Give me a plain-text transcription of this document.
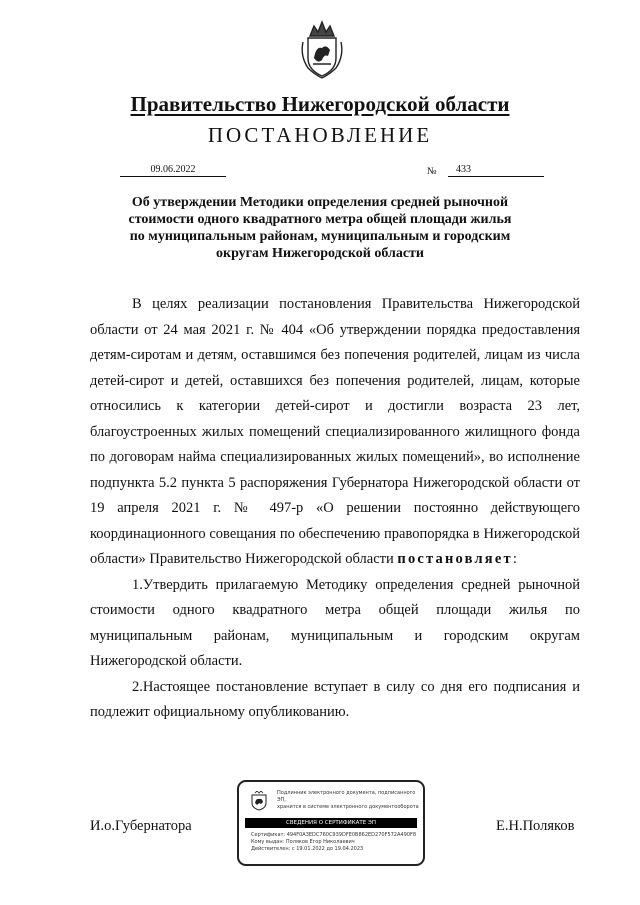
Правительство Нижегородской области
ПОСТАНОВЛЕНИЕ
09.06.2022	№	433
Об утверждении Методики определения средней рыночной
стоимости одного квадратного метра общей площади жилья
по муниципальным районам, муниципальным и городским
округам Нижегородской области

В целях реализации постановления Правительства Нижегородской области от 24 мая 2021 г. № 404 «Об утверждении порядка предоставления детям-сиротам и детям, оставшимся без попечения родителей, лицам из числа детей-сирот и детей, оставшихся без попечения родителей, лицам, которые относились к категории детей-сирот и достигли возраста 23 лет, благоустроенных жилых помещений специализированного жилищного фонда по договорам найма специализированных жилых помещений», во исполнение подпункта 5.2 пункта 5 распоряжения Губернатора Нижегородской области от 19 апреля 2021 г. № 497-р «О решении постоянно действующего координационного совещания по обеспечению правопорядка в Нижегородской области» Правительство Нижегородской области постановляет:

1.Утвердить прилагаемую Методику определения средней рыночной стоимости одного квадратного метра общей площади жилья по муниципальным районам, муниципальным и городским округам Нижегородской области.

2.Настоящее постановление вступает в силу со дня его подписания и подлежит официальному опубликованию.

Подлинник электронного документа, подписанного ЭП,
хранится в системе электронного документооборота
СВЕДЕНИЯ О СЕРТИФИКАТЕ ЭП
Сертификат: 494F0A3EDC760C939DFE0B862ED270F572A490F8
Кому выдан: Поляков Егор Николаевич
Действителен: с 19.01.2022 до 19.04.2023
И.о.Губернатора	Е.Н.Поляков
